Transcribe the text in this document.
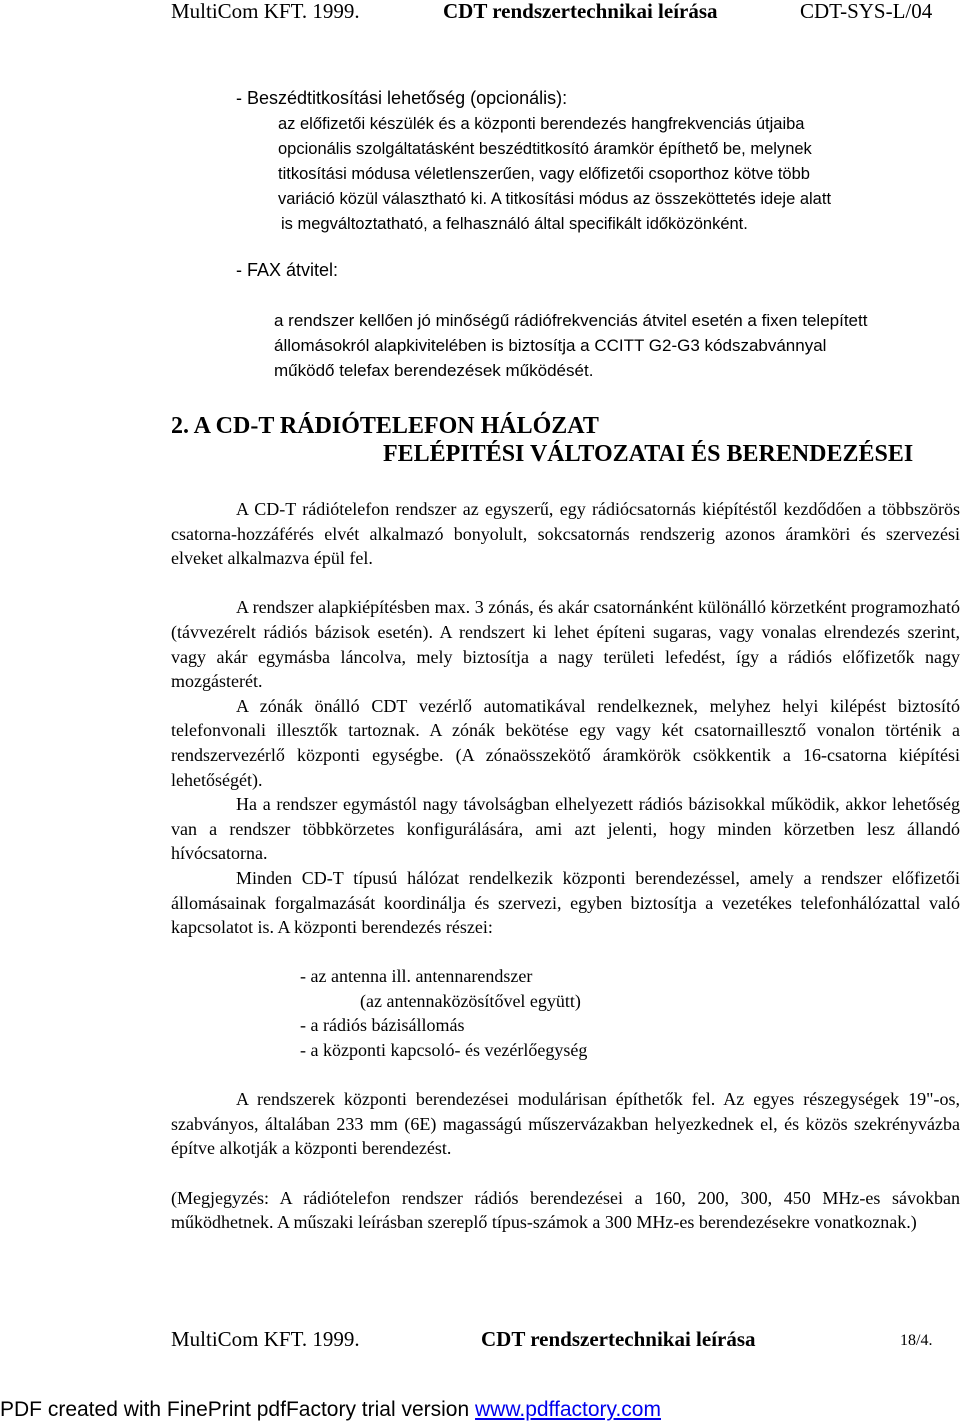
MultiCom KFT. 1999.	CDT rendszertechnikai leírása	CDT-SYS-L/04
- Beszédtitkosítási lehetőség (opcionális):
az előfizetői készülék és a központi berendezés hangfrekvenciás útjaiba
opcionális szolgáltatásként beszédtitkosító áramkör építhető be, melynek
titkosítási módusa véletlenszerűen, vagy előfizetői csoporthoz kötve több
variáció közül választható ki. A titkosítási módus az összeköttetés ideje alatt
is megváltoztatható, a felhasználó által specifikált időközönként.
- FAX átvitel:
a rendszer kellően jó minőségű rádiófrekvenciás átvitel esetén a fixen telepített
állomásokról alapkivitelében is biztosítja a CCITT G2-G3 kódszabvánnyal
működő telefax berendezések működését.
2. A CD-T RÁDIÓTELEFON HÁLÓZAT
FELÉPITÉSI VÁLTOZATAI ÉS BERENDEZÉSEI

A CD-T rádiótelefon rendszer az egyszerű, egy rádiócsatornás kiépítéstől kezdődően a többszörös csatorna-hozzáférés elvét alkalmazó bonyolult, sokcsatornás rendszerig azonos áramköri és szervezési elveket alkalmazva épül fel.

A rendszer alapkiépítésben max. 3 zónás, és akár csatornánként különálló körzetként programozható (távvezérelt rádiós bázisok esetén). A rendszert ki lehet építeni sugaras, vagy vonalas elrendezés szerint, vagy akár egymásba láncolva, mely biztosítja a nagy területi lefedést, így a rádiós előfizetők nagy mozgásterét.

A zónák önálló CDT vezérlő automatikával rendelkeznek, melyhez helyi kilépést biztosító telefonvonali illesztők tartoznak. A zónák bekötése egy vagy két csatornaillesztő vonalon történik a rendszervezérlő központi egységbe. (A zónaösszekötő áramkörök csökkentik a 16-csatorna kiépítési lehetőségét).

Ha a rendszer egymástól nagy távolságban elhelyezett rádiós bázisokkal működik, akkor lehetőség van a rendszer többkörzetes konfigurálására, ami azt jelenti, hogy minden körzetben lesz állandó hívócsatorna.

Minden CD-T típusú hálózat rendelkezik központi berendezéssel, amely a rendszer előfizetői állomásainak forgalmazását koordinálja és szervezi, egyben biztosítja a vezetékes telefonhálózattal való kapcsolatot is. A központi berendezés részei:

- az antenna ill. antennarendszer
(az antennaközösítővel együtt)
- a rádiós bázisállomás
- a központi kapcsoló- és vezérlőegység

A rendszerek központi berendezései modulárisan építhetők fel. Az egyes részegységek 19"-os, szabványos, általában 233 mm (6E) magasságú műszervázakban helyezkednek el, és közös szekrényvázba építve alkotják a központi berendezést.

(Megjegyzés: A rádiótelefon rendszer rádiós berendezései a 160, 200, 300, 450 MHz-es sávokban működhetnek. A műszaki leírásban szereplő típus-számok a 300 MHz-es berendezésekre vonatkoznak.)

MultiCom KFT. 1999.	CDT rendszertechnikai leírása	18/4.
PDF created with FinePrint pdfFactory trial version www.pdffactory.com
